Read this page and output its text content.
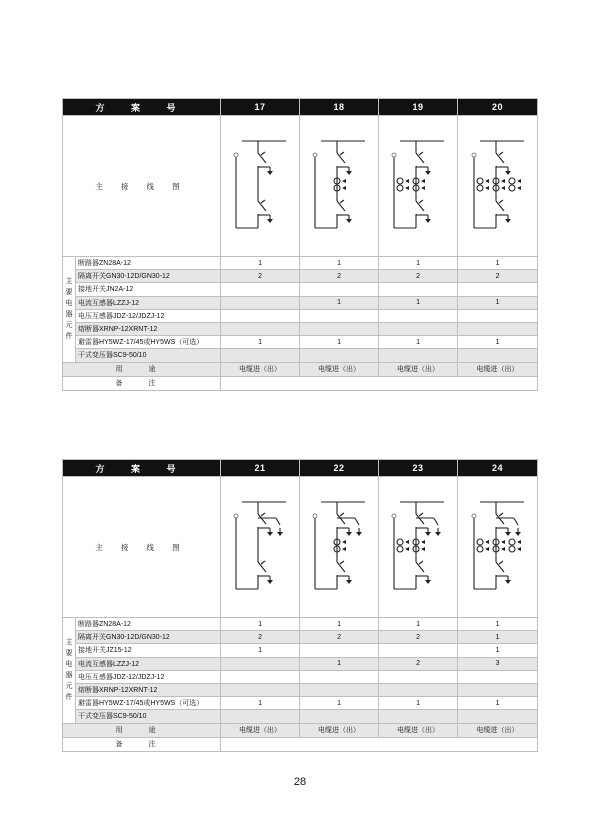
方 案 号		17	18	19	20
主 接 线 图	

主要电器元件	断路器ZN28A-12	1	1	1	1
	隔离开关GN30-12D/GN30-12	2	2	2	2
	接地开关JN2A-12				
	电流互感器LZZJ-12		1	1	1
	电压互感器JDZ-12/JDZJ-12				
	熔断器XRNP-12XRNT-12				
	避雷器HY5WZ-17/45或HY5WS（可选）	1	1	1	1
	干式变压器SC9-50/10				
用 途		电缆进（出）	电缆进（出）	电缆进（出）	电缆进（出）
备 注					
方 案 号		21	22	23	24
主 接 线 图	

主要电器元件	断路器ZN28A-12	1	1	1	1
	隔离开关GN30-12D/GN30-12	2	2	2	1
	接地开关JZ15-12	1			1
	电流互感器LZZJ-12		1	2	3
	电压互感器JDZ-12/JDZJ-12				
	熔断器XRNP-12XRNT-12				
	避雷器HY5WZ-17/45或HY5WS（可选）	1	1	1	1
	干式变压器SC9-50/10				
用 途		电缆进（出）	电缆进（出）	电缆进（出）	电缆进（出）
备 注					
28
